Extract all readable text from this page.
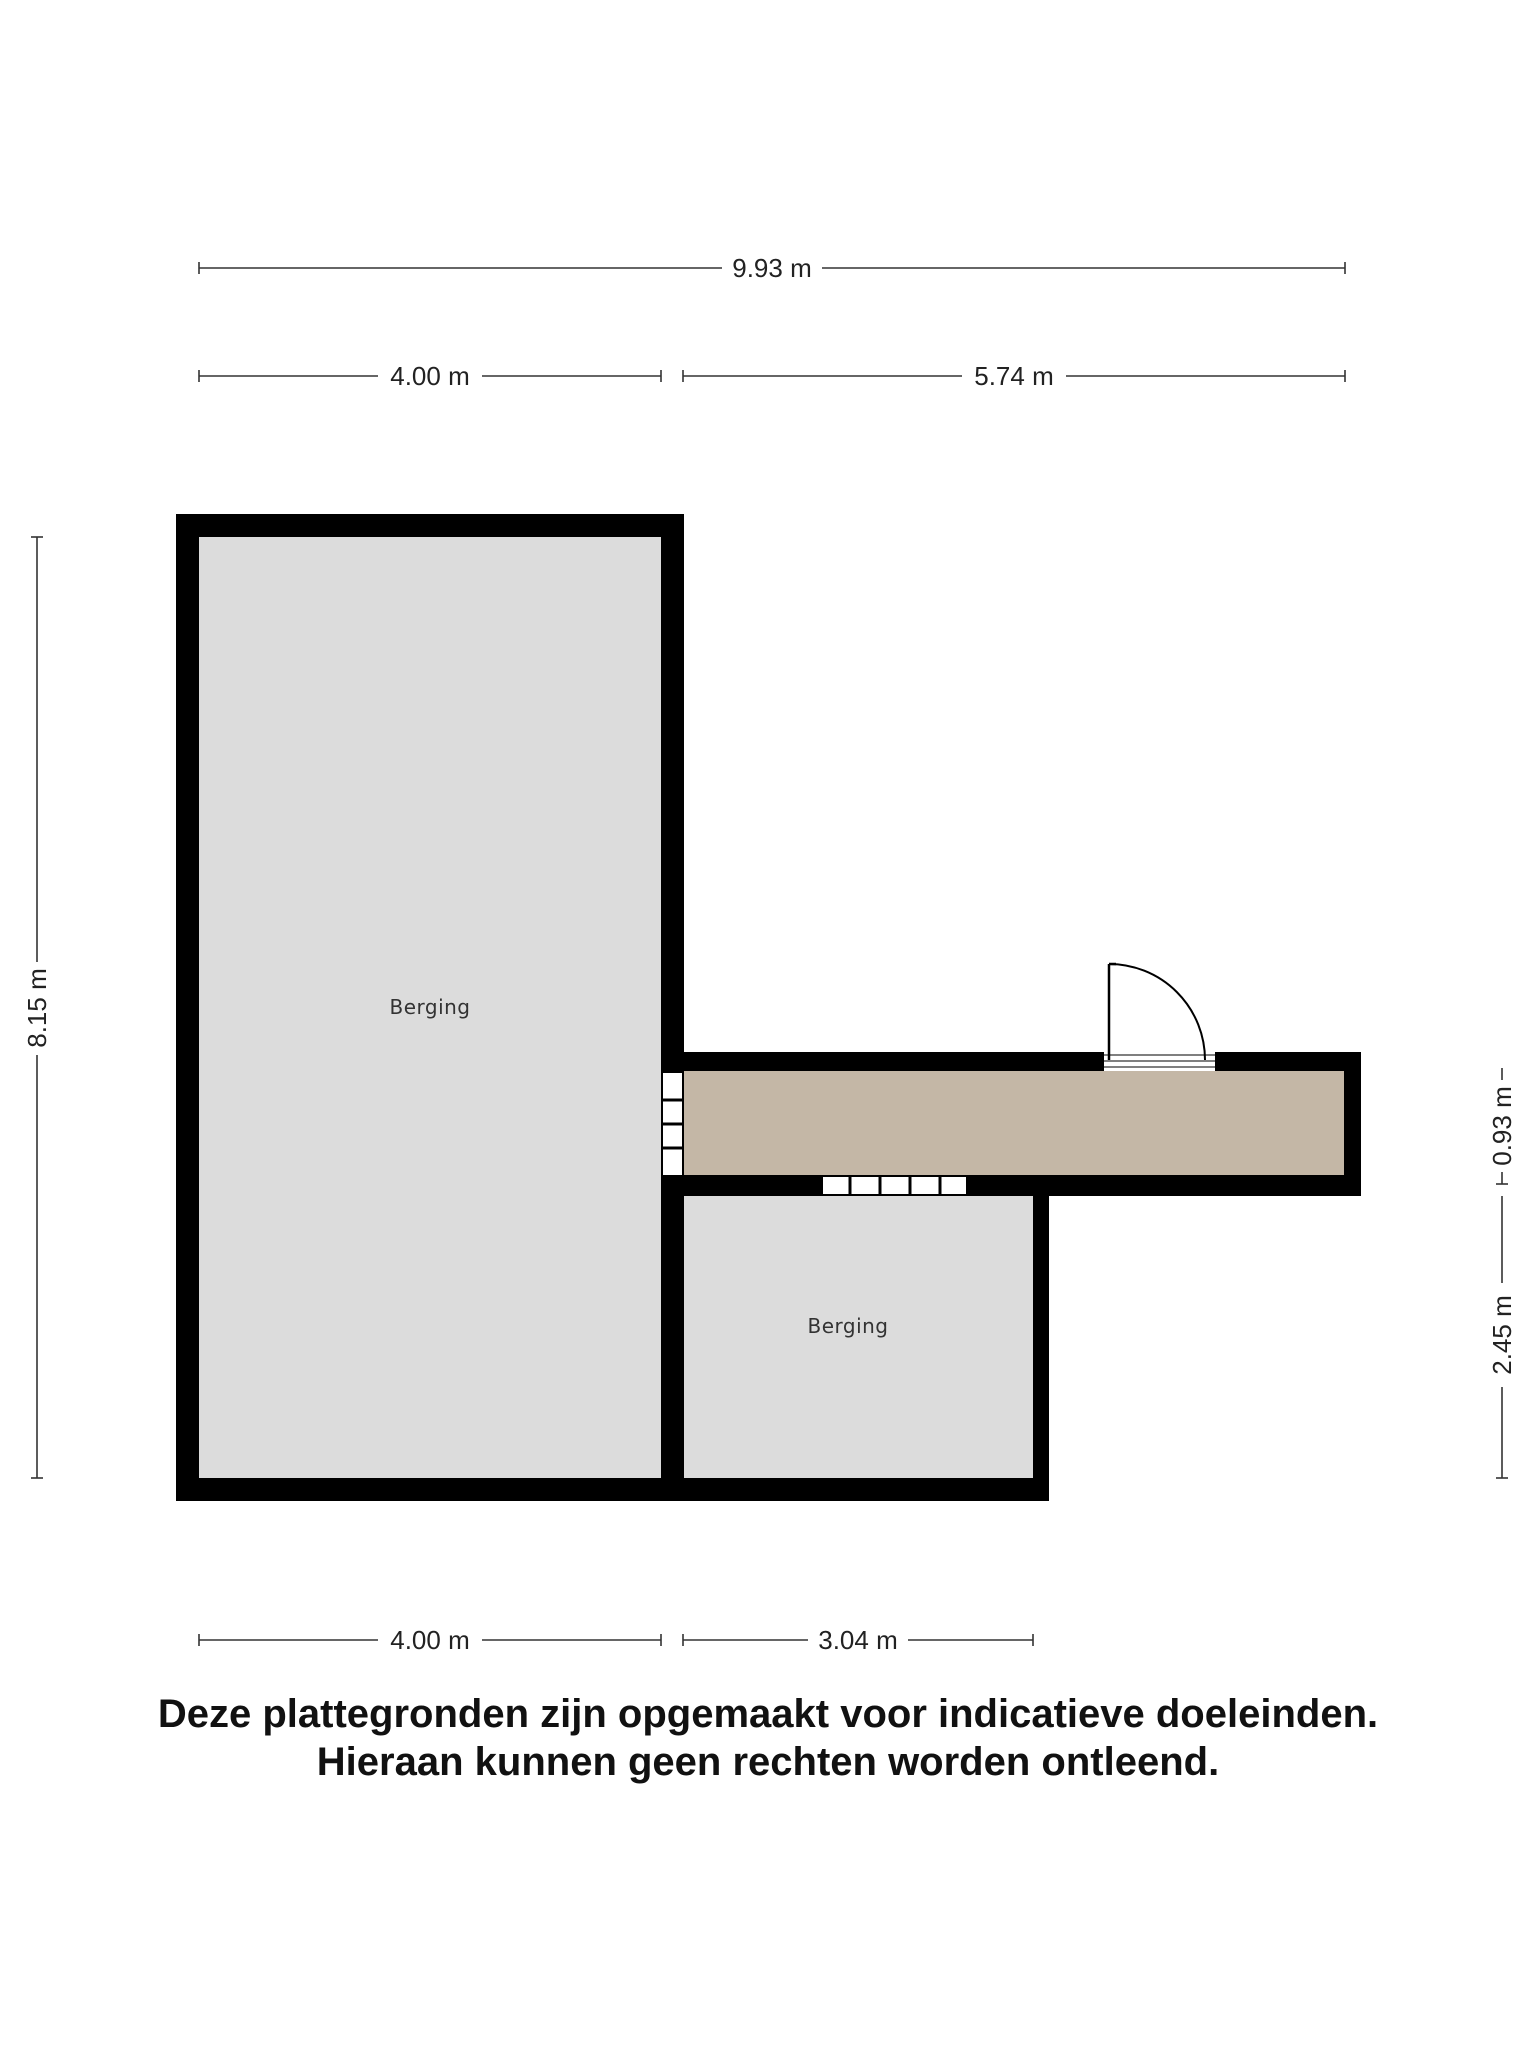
9.93 m
4.00 m	5.74 m
8.15 m
0.93 m
2.45 m
Berging
Berging
4.00 m	3.04 m
Deze plattegronden zijn opgemaakt voor indicatieve doeleinden.
Hieraan kunnen geen rechten worden ontleend.
